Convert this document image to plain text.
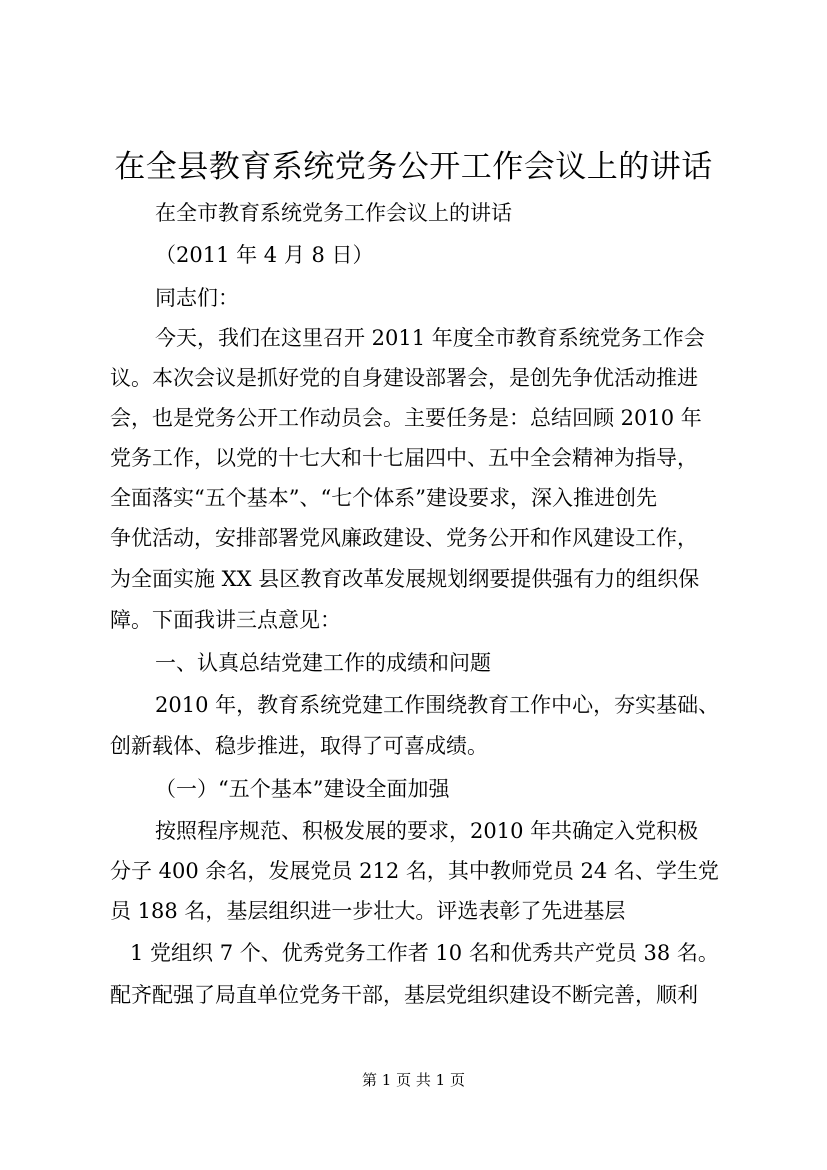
在全县教育系统党务公开工作会议上的讲话
在全市教育系统党务工作会议上的讲话
（2011 年 4 月 8 日）
同志们：
今天，我们在这里召开 2011 年度全市教育系统党务工作会
议。本次会议是抓好党的自身建设部署会，是创先争优活动推进
会，也是党务公开工作动员会。主要任务是：总结回顾 2010 年
党务工作，以党的十七大和十七届四中、五中全会精神为指导，
全面落实“五个基本”、“七个体系”建设要求，深入推进创先
争优活动，安排部署党风廉政建设、党务公开和作风建设工作，
为全面实施 XX 县区教育改革发展规划纲要提供强有力的组织保
障。下面我讲三点意见：
一、认真总结党建工作的成绩和问题
2010 年，教育系统党建工作围绕教育工作中心，夯实基础、
创新载体、稳步推进，取得了可喜成绩。
（一）“五个基本”建设全面加强
按照程序规范、积极发展的要求，2010 年共确定入党积极
分子 400 余名，发展党员 212 名，其中教师党员 24 名、学生党
员 188 名，基层组织进一步壮大。评选表彰了先进基层
1 党组织 7 个、优秀党务工作者 10 名和优秀共产党员 38 名。
配齐配强了局直单位党务干部，基层党组织建设不断完善，顺利
第 1 页 共 1 页
